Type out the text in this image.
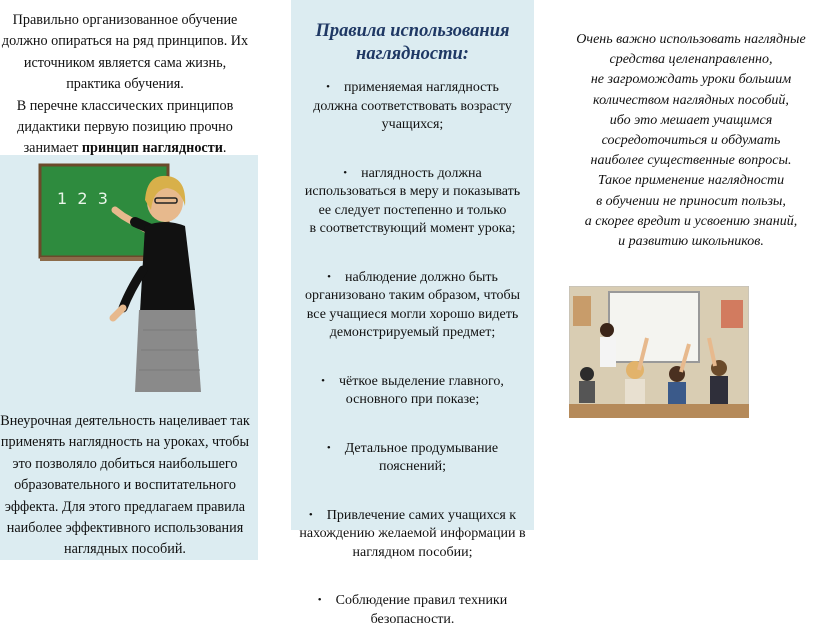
Правильно организованное обучение
должно опираться на ряд принципов. Их
источником является сама жизнь,
практика обучения.
В перечне классических принципов
дидактики первую позицию прочно
занимает принцип наглядности.
1  2  3
Внеурочная деятельность нацеливает так
применять наглядность на уроках, чтобы
это позволяло добиться наибольшего
образовательного и воспитательного
эффекта. Для этого предлагаем правила
наиболее эффективного использования
наглядных пособий.
Правила использования
наглядности:
• применяемая наглядность
должна соответствовать возрасту
учащихся;
• наглядность должна
использоваться в меру и показывать
ее следует постепенно и только
в соответствующий момент урока;
• наблюдение должно быть
организовано таким образом, чтобы
все учащиеся могли хорошо видеть
демонстрируемый предмет;
• чёткое выделение главного,
основного при показе;
• Детальное продумывание
пояснений;
• Привлечение самих учащихся к
нахождению желаемой информации в
наглядном пособии;
• Соблюдение правил техники
безопасности.
Очень важно использовать наглядные
средства целенаправленно,
не загромождать уроки большим
количеством наглядных пособий,
ибо это мешает учащимся
сосредоточиться и обдумать
наиболее существенные вопросы.
Такое применение наглядности
в обучении не приносит пользы,
а скорее вредит и усвоению знаний,
и развитию школьников.
